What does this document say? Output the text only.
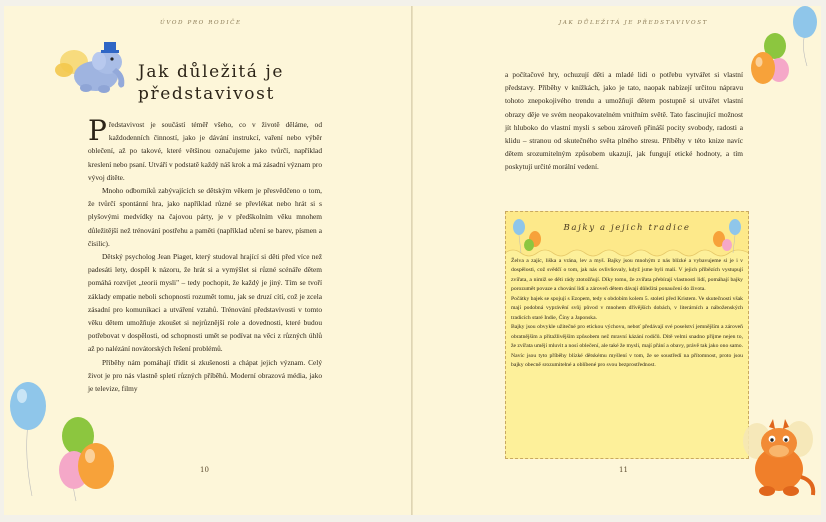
ÚVOD PRO RODIČE
Jak důležitá je
představivost

Představivost je součástí téměř všeho, co v životě děláme, od každodenních činností, jako je dávání instrukcí, vaření nebo výběr oblečení, až po takové, které většinou označujeme jako tvůrčí, například kreslení nebo psaní. Utváří v podstatě každý náš krok a má zásadní význam pro vývoj dítěte.

Mnoho odborníků zabývajících se dětským věkem je přesvědčeno o tom, že tvůrčí spontánní hra, jako například různé se převlékat nebo hrát si s plyšovými medvídky na čajovou párty, je v předškolním věku mnohem důležitější než trénování postřehu a paměti (například učení se barev, písmen a čísilic).

Dětský psycholog Jean Piaget, který studoval hrající si děti před více než padesáti lety, dospěl k názoru, že hrát si a vymýšlet si různé scénáře dětem pomáhá rozvíjet „teorii mysli" – tedy pochopit, že každý je jiný. Tím se tvoří základy empatie neboli schopnosti rozumět tomu, jak se druzí cítí, což je zcela zásadní pro komunikaci a utváření vztahů. Trénování představivosti v tomto věku dětem umožňuje zkoušet si nejrůznější role a dovednosti, které budou potřebovat v dospělosti, od schopnosti umět se podívat na věci z různých úhlů až po nalézání novátorských řešení problémů.

Příběhy nám pomáhají třídit si zkušenosti a chápat jejich význam. Celý život je pro nás vlastně spletí různých příběhů. Moderní obrazová média, jako je televize, filmy

10
JAK DŮLEŽITÁ JE PŘEDSTAVIVOST

a počítačové hry, ochuzují děti a mladé lidi o potřebu vytvářet si vlastní představy. Příběhy v knížkách, jako je tato, naopak nabízejí určitou nápravu tohoto znepokojivého trendu a umožňují dětem postupně si utvářet vlastní obrazy děje ve svém neopakovatelném vnitřním světě. Tato fascinující možnost jít hluboko do vlastní mysli s sebou zároveň přináší pocity svobody, radosti a klidu – stranou od skutečného světa plného stresu. Příběhy v této knize navíc dětem srozumitelným způsobem ukazují, jak fungují etické hodnoty, a tím poskytují určité morální vedení.

Bajky a jejich tradice

Želva a zajíc, liška a vrána, lev a myš. Bajky jsou mnohým z nás blízké a vybavujeme si je i v dospělosti, což svědčí o tom, jak nás ovlivňovaly, když jsme byli malí. V jejich příbězích vystupují zvířata, a nimiž se děti rády ztotožňují. Díky tomu, že zvířata přebírají vlastnosti lidí, pomáhají bajky porozumět povaze a chování lidí a zároveň dětem dávají důležitá ponaučení do života.

Počátky bajek se spojují s Ezopem, tedy s obdobím kolem 5. století před Kristem. Ve skutečnosti však mají podobná vyprávění svůj původ v mnohem dřívějších dobách, v literárních a náboženských tradicích staré Indie, Číny a Japonska.

Bajky jsou obvykle užitečné pro etickou výchovu, neboť předávají své poselství jemnějším a zároveň obratnějším a přitažlivějším způsobem než mravní kázání rodičů. Dítě velmi snadno přijme nejen to, že zvířata umějí mluvit a nosí oblečení, ale také že mysli, mají přání a obavy, právě tak jako ono samo. Navíc jsou tyto příběhy blízké dětskému myšlení v tom, že se soustředí na přítomnost, proto jsou bajky obecně srozumitelné a oblíbené pro svou bezprostřednost.

11
